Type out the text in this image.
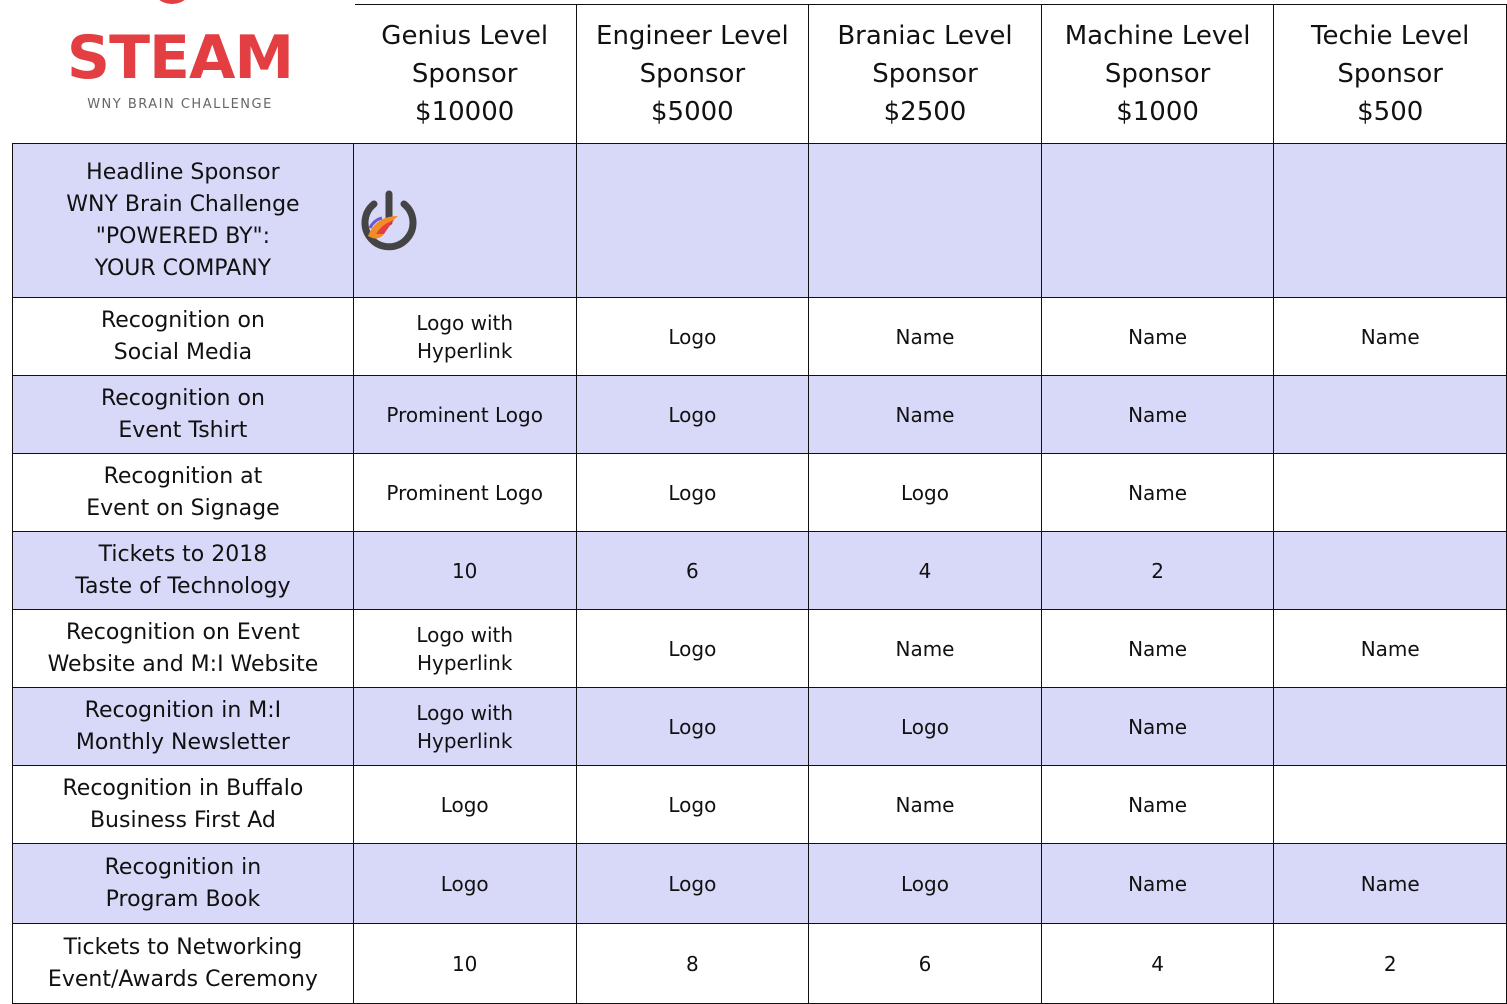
	Genius Level
Sponsor
$10000	Engineer Level
Sponsor
$5000	Braniac Level
Sponsor
$2500	Machine Level
Sponsor
$1000	Techie Level
Sponsor
$500

Headline Sponsor
WNY Brain Challenge
"POWERED BY":
YOUR COMPANY

Recognition on
Social Media	Logo with
Hyperlink	Logo	Name	Name	Name

Recognition on
Event Tshirt	Prominent Logo	Logo	Name	Name	

Recognition at
Event on Signage	Prominent Logo	Logo	Logo	Name	

Tickets to 2018
Taste of Technology	10	6	4	2	

Recognition on Event
Website and M:I Website	Logo with
Hyperlink	Logo	Name	Name	Name

Recognition in M:I
Monthly Newsletter	Logo with
Hyperlink	Logo	Logo	Name	

Recognition in Buffalo
Business First Ad	Logo	Logo	Name	Name	

Recognition in
Program Book	Logo	Logo	Logo	Name	Name

Tickets to Networking
Event/Awards Ceremony	10	8	6	4	2
STEAM
WNY BRAIN CHALLENGE
